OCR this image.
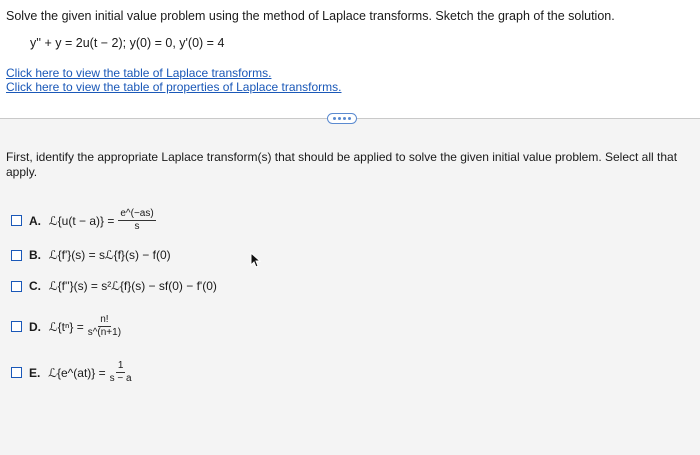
Solve the given initial value problem using the method of Laplace transforms. Sketch the graph of the solution.
y'' + y = 2u(t − 2); y(0) = 0, y'(0) = 4
Click here to view the table of Laplace transforms.
Click here to view the table of properties of Laplace transforms.
First, identify the appropriate Laplace transform(s) that should be applied to solve the given initial value problem. Select all that apply.
A. ℒ{u(t − $a)\} = \frac{e\^{}(-as)}{s}$
B. ℒ{f'}(s) = sℒ{f}(s) − f(0)
C. ℒ{f''}(s) = s²ℒ{f}(s) − sf(0) − f'(0)
D. ℒ{tⁿ} = $\frac{n!}{s\^{}(n+1)}$
E. ℒ{e^(at)} = $\frac{1}{s - a}$
